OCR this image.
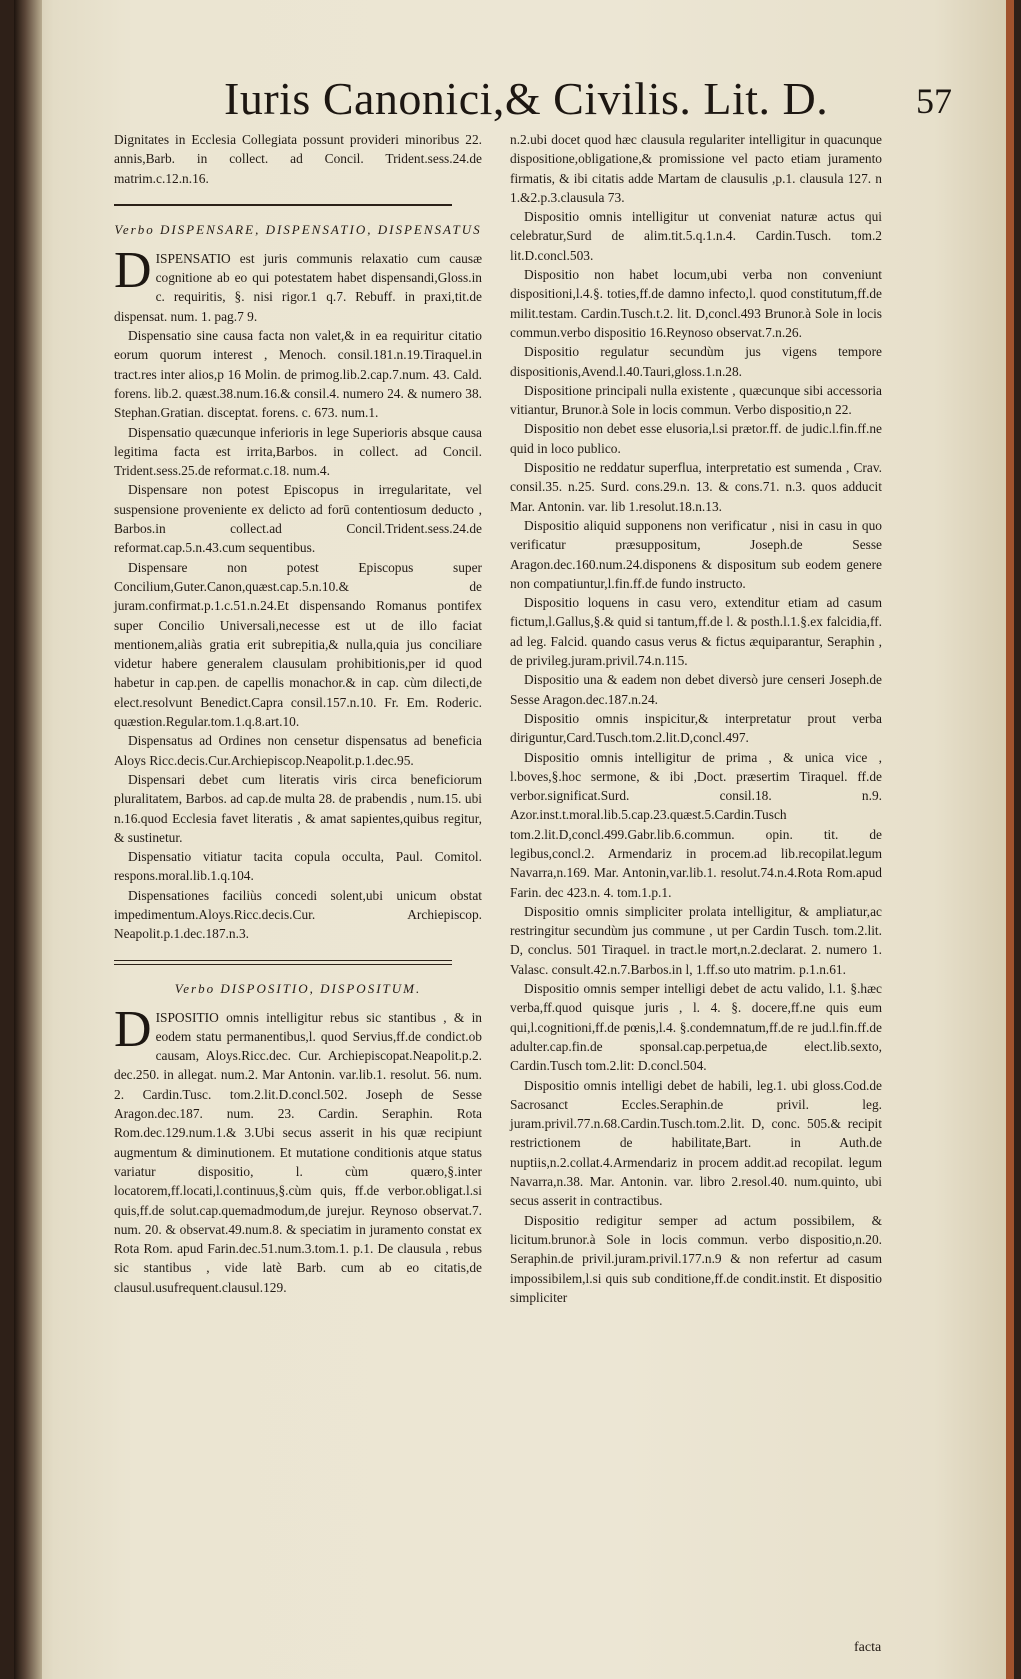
Iuris Canonici,& Civilis. Lit. D.	57

Dignitates in Ecclesia Collegiata possunt provideri minoribus 22. annis,Barb. in collect. ad Concil. Trident.sess.24.de matrim.c.12.n.16.

Verbo DISPENSARE, DISPENSATIO, DISPENSATUS

DISPENSATIO est juris communis relaxatio cum causæ cognitione ab eo qui potestatem habet dispensandi,Gloss.in c. requiritis, §. nisi rigor.1 q.7. Rebuff. in praxi,tit.de dispensat. num. 1. pag.7 9.

Dispensatio sine causa facta non valet,& in ea requiritur citatio eorum quorum interest , Menoch. consil.181.n.19.Tiraquel.in tract.res inter alios,p 16 Molin. de primog.lib.2.cap.7.num. 43. Cald. forens. lib.2. quæst.38.num.16.& consil.4. numero 24. & numero 38. Stephan.Gratian. disceptat. forens. c. 673. num.1.

Dispensatio quæcunque inferioris in lege Superioris absque causa legitima facta est irrita,Barbos. in collect. ad Concil. Trident.sess.25.de reformat.c.18. num.4.

Dispensare non potest Episcopus in irregularitate, vel suspensione proveniente ex delicto ad forū contentiosum deducto , Barbos.in collect.ad Concil.Trident.sess.24.de reformat.cap.5.n.43.cum sequentibus.

Dispensare non potest Episcopus super Concilium,Guter.Canon,quæst.cap.5.n.10.& de juram.confirmat.p.1.c.51.n.24.Et dispensando Romanus pontifex super Concilio Universali,necesse est ut de illo faciat mentionem,aliàs gratia erit subrepitia,& nulla,quia jus conciliare videtur habere generalem clausulam prohibitionis,per id quod habetur in cap.pen. de capellis monachor.& in cap. cùm dilecti,de elect.resolvunt Benedict.Capra consil.157.n.10. Fr. Em. Roderic. quæstion.Regular.tom.1.q.8.art.10.

Dispensatus ad Ordines non censetur dispensatus ad beneficia Aloys Ricc.decis.Cur.Archiepiscop.Neapolit.p.1.dec.95.

Dispensari debet cum literatis viris circa beneficiorum pluralitatem, Barbos. ad cap.de multa 28. de prabendis , num.15. ubi n.16.quod Ecclesia favet literatis , & amat sapientes,quibus regitur, & sustinetur.

Dispensatio vitiatur tacita copula occulta, Paul. Comitol. respons.moral.lib.1.q.104.

Dispensationes faciliùs concedi solent,ubi unicum obstat impedimentum.Aloys.Ricc.decis.Cur. Archiepiscop. Neapolit.p.1.dec.187.n.3.

Verbo DISPOSITIO, DISPOSITUM.

DISPOSITIO omnis intelligitur rebus sic stantibus , & in eodem statu permanentibus,l. quod Servius,ff.de condict.ob causam, Aloys.Ricc.dec. Cur. Archiepiscopat.Neapolit.p.2. dec.250. in allegat. num.2. Mar Antonin. var.lib.1. resolut. 56. num. 2. Cardin.Tusc. tom.2.lit.D.concl.502. Joseph de Sesse Aragon.dec.187. num. 23. Cardin. Seraphin. Rota Rom.dec.129.num.1.& 3.Ubi secus asserit in his quæ recipiunt augmentum & diminutionem. Et mutatione conditionis atque status variatur dispositio, l. cùm quæro,§.inter locatorem,ff.locati,l.continuus,§.cùm quis, ff.de verbor.obligat.l.si quis,ff.de solut.cap.quemadmodum,de jurejur. Reynoso observat.7. num. 20. & observat.49.num.8. & speciatim in juramento constat ex Rota Rom. apud Farin.dec.51.num.3.tom.1. p.1. De clausula , rebus sic stantibus , vide latè Barb. cum ab eo citatis,de clausul.usufrequent.clausul.129.

n.2.ubi docet quod hæc clausula regulariter intelligitur in quacunque dispositione,obligatione,& promissione vel pacto etiam juramento firmatis, & ibi citatis adde Martam de clausulis ,p.1. clausula 127. n 1.&2.p.3.clausula 73.

Dispositio omnis intelligitur ut conveniat naturæ actus qui celebratur,Surd de alim.tit.5.q.1.n.4. Cardin.Tusch. tom.2 lit.D.concl.503.

Dispositio non habet locum,ubi verba non conveniunt dispositioni,l.4.§. toties,ff.de damno infecto,l. quod constitutum,ff.de milit.testam. Cardin.Tusch.t.2. lit. D,concl.493 Brunor.à Sole in locis commun.verbo dispositio 16.Reynoso observat.7.n.26.

Dispositio regulatur secundùm jus vigens tempore dispositionis,Avend.l.40.Tauri,gloss.1.n.28.

Dispositione principali nulla existente , quæcunque sibi accessoria vitiantur, Brunor.à Sole in locis commun. Verbo dispositio,n 22.

Dispositio non debet esse elusoria,l.si prætor.ff. de judic.l.fin.ff.ne quid in loco publico.

Dispositio ne reddatur superflua, interpretatio est sumenda , Crav. consil.35. n.25. Surd. cons.29.n. 13. & cons.71. n.3. quos adducit Mar. Antonin. var. lib 1.resolut.18.n.13.

Dispositio aliquid supponens non verificatur , nisi in casu in quo verificatur præsuppositum, Joseph.de Sesse Aragon.dec.160.num.24.disponens & dispositum sub eodem genere non compatiuntur,l.fin.ff.de fundo instructo.

Dispositio loquens in casu vero, extenditur etiam ad casum fictum,l.Gallus,§.& quid si tantum,ff.de l. & posth.l.1.§.ex falcidia,ff. ad leg. Falcid. quando casus verus & fictus æquiparantur, Seraphin , de privileg.juram.privil.74.n.115.

Dispositio una & eadem non debet diversò jure censeri Joseph.de Sesse Aragon.dec.187.n.24.

Dispositio omnis inspicitur,& interpretatur prout verba diriguntur,Card.Tusch.tom.2.lit.D,concl.497.

Dispositio omnis intelligitur de prima , & unica vice , l.boves,§.hoc sermone, & ibi ,Doct. præsertim Tiraquel. ff.de verbor.significat.Surd. consil.18. n.9. Azor.inst.t.moral.lib.5.cap.23.quæst.5.Cardin.Tusch tom.2.lit.D,concl.499.Gabr.lib.6.commun. opin. tit. de legibus,concl.2. Armendariz in procem.ad lib.recopilat.legum Navarra,n.169. Mar. Antonin,var.lib.1. resolut.74.n.4.Rota Rom.apud Farin. dec 423.n. 4. tom.1.p.1.

Dispositio omnis simpliciter prolata intelligitur, & ampliatur,ac restringitur secundùm jus commune , ut per Cardin Tusch. tom.2.lit. D, conclus. 501 Tiraquel. in tract.le mort,n.2.declarat. 2. numero 1. Valasc. consult.42.n.7.Barbos.in l, 1.ff.so uto matrim. p.1.n.61.

Dispositio omnis semper intelligi debet de actu valido, l.1. §.hæc verba,ff.quod quisque juris , l. 4. §. docere,ff.ne quis eum qui,l.cognitioni,ff.de pœnis,l.4. §.condemnatum,ff.de re jud.l.fin.ff.de adulter.cap.fin.de sponsal.cap.perpetua,de elect.lib.sexto, Cardin.Tusch tom.2.lit: D.concl.504.

Dispositio omnis intelligi debet de habili, leg.1. ubi gloss.Cod.de Sacrosanct Eccles.Seraphin.de privil. leg. juram.privil.77.n.68.Cardin.Tusch.tom.2.lit. D, conc. 505.& recipit restrictionem de habilitate,Bart. in Auth.de nuptiis,n.2.collat.4.Armendariz in procem addit.ad recopilat. legum Navarra,n.38. Mar. Antonin. var. libro 2.resol.40. num.quinto, ubi secus asserit in contractibus.

Dispositio redigitur semper ad actum possibilem, & licitum.brunor.à Sole in locis commun. verbo dispositio,n.20. Seraphin.de privil.juram.privil.177.n.9 & non refertur ad casum impossibilem,l.si quis sub conditione,ff.de condit.instit. Et dispositio simpliciter

facta
